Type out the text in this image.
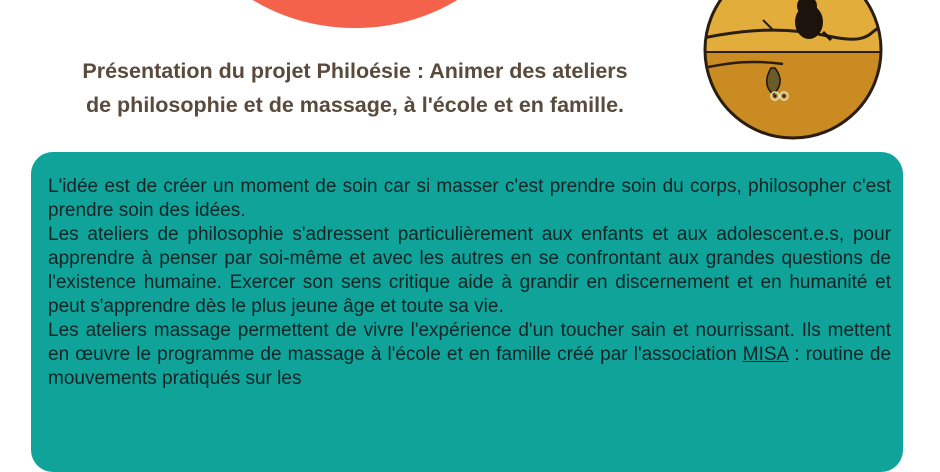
Présentation du projet Philoésie : Animer des ateliers
de philosophie et de massage, à l'école et en famille.

L'idée est de créer un moment de soin car si masser c'est prendre soin du corps, philosopher c'est prendre soin des idées.

Les ateliers de philosophie s'adressent particulièrement aux enfants et aux adolescent.e.s, pour apprendre à penser par soi-même et avec les autres en se confrontant aux grandes questions de l'existence humaine. Exercer son sens critique aide à grandir en discernement et en humanité et peut s'apprendre dès le plus jeune âge et toute sa vie.

Les ateliers massage permettent de vivre l'expérience d'un toucher sain et nourrissant. Ils mettent en œuvre le programme de massage à l'école et en famille créé par l'association MISA : routine de mouvements pratiqués sur les
